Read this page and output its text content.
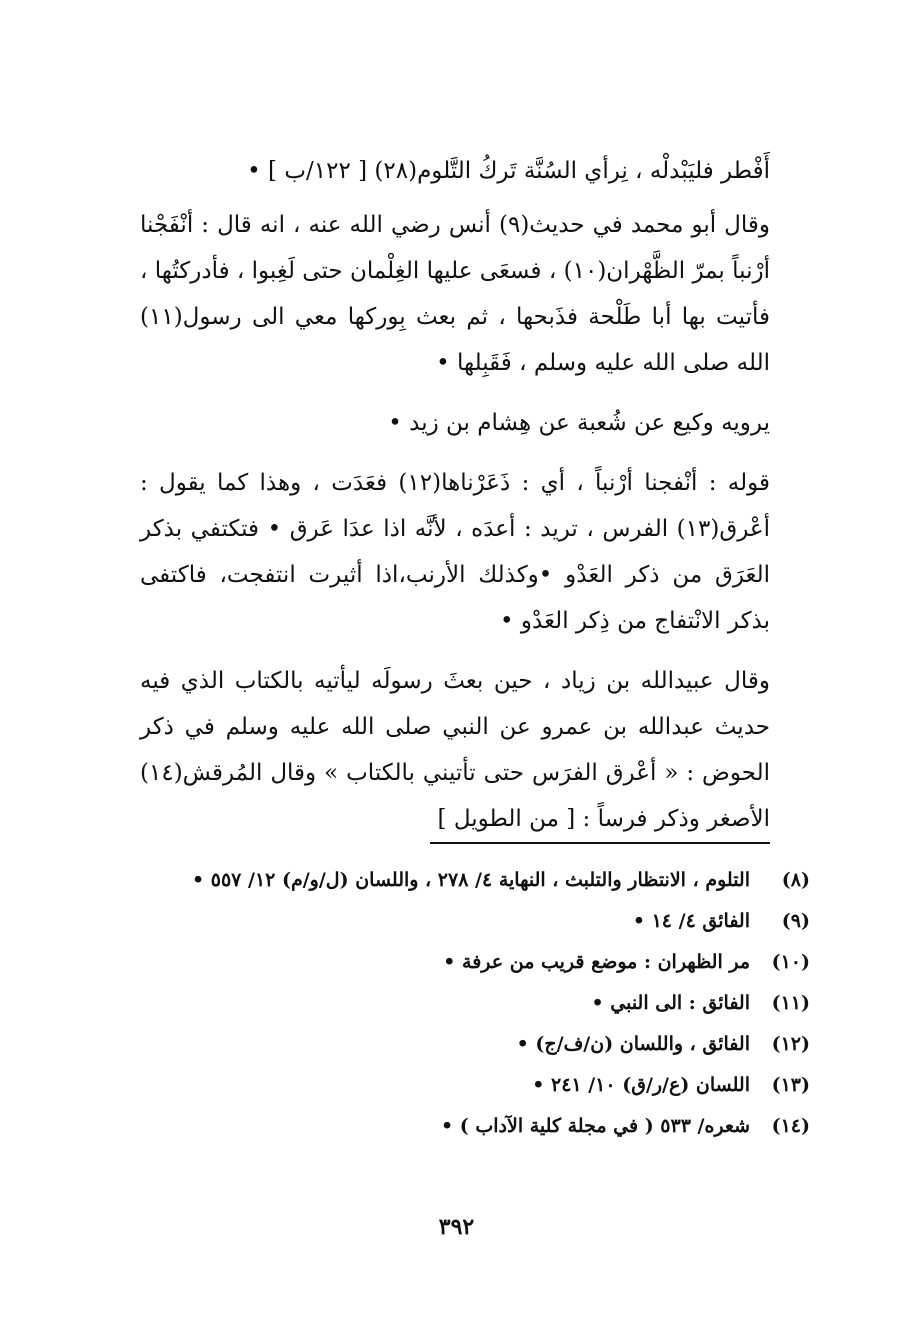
أَفْطر فليَبْدلْه ، نِرأي السُنَّة تَركُ التَّلوم(٢٨) [ ١٢٢/ب ] •

وقال أبو محمد في حديث(٩) أنس رضي الله عنه ، انه قال : أنْفَجْنا أرْنباً بمرّ الظَّهْران(١٠) ، فسعَى عليها الغِلْمان حتى لَغِبوا ، فأدركتُها ، فأتيت بها أبا طَلْحة فذَبحها ، ثم بعث بِوركها معي الى رسول(١١) الله صلى الله عليه وسلم ، فَقَبِلها •

يرويه وكيع عن شُعبة عن هِشام بن زيد •

قوله : أنْفجنا أرْنباً ، أي : ذَعَرْناها(١٢) فعَدَت ، وهذا كما يقول : أعْرق(١٣) الفرس ، تريد : أعدَه ، لأنَّه اذا عدَا عَرق • فتكتفي بذكر العَرَق من ذكر العَدْو •وكذلك الأرنب،اذا أثيرت انتفجت، فاكتفى بذكر الانْتفاج من ذِكر العَدْو •

وقال عبيدالله بن زياد ، حين بعثَ رسولَه ليأتيه بالكتاب الذي فيه حديث عبدالله بن عمرو عن النبي صلى الله عليه وسلم في ذكر الحوض : « أعْرق الفرَس حتى تأتيني بالكتاب » وقال المُرقش(١٤) الأصغر وذكر فرساً : [ من الطويل ]

(٨)
التلوم ، الانتظار والتلبث ، النهاية ٤/ ٢٧٨ ، واللسان (ل/و/م) ١٢/ ٥٥٧ •
(٩)
الفائق ٤/ ١٤ •
(١٠)
مر الظهران : موضع قريب من عرفة •
(١١)
الفائق : الى النبي •
(١٢)
الفائق ، واللسان (ن/ف/ج) •
(١٣)
اللسان (ع/ر/ق) ١٠/ ٢٤١ •
(١٤)
شعره/ ٥٣٣ ( في مجلة كلية الآداب ) •
٣٩٢
